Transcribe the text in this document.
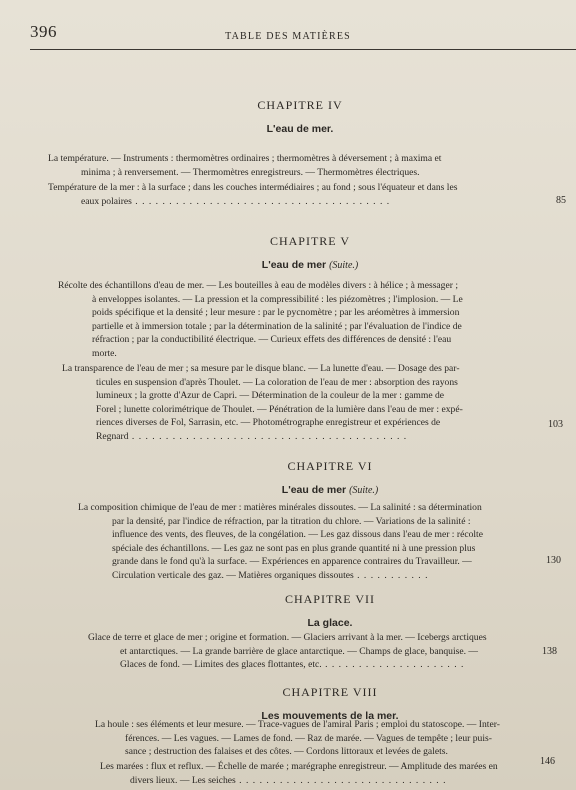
396	TABLE DES MATIÈRES
CHAPITRE IV
L'eau de mer.
La température. — Instruments : thermomètres ordinaires ; thermomètres à déversement ; à maxima et
minima ; à renversement. — Thermomètres enregistreurs. — Thermomètres électriques.
Température de la mer : à la surface ; dans les couches intermédiaires ; au fond ; sous l'équateur et dans les
eaux polaires . . . . . . . . . . . . . . . . . . . . . . . . . . . . . . . . . . . . . .	85
CHAPITRE V
L'eau de mer (Suite.)
Récolte des échantillons d'eau de mer. — Les bouteilles à eau de modèles divers : à hélice ; à messager ;
à enveloppes isolantes. — La pression et la compressibilité : les piézomètres ; l'implosion. — Le
poids spécifique et la densité ; leur mesure : par le pycnomètre ; par les aréomètres à immersion
partielle et à immersion totale ; par la détermination de la salinité ; par l'évaluation de l'indice de
réfraction ; par la conductibilité électrique. — Curieux effets des différences de densité : l'eau
morte.
La transparence de l'eau de mer ; sa mesure par le disque blanc. — La lunette d'eau. — Dosage des par-
ticules en suspension d'après Thoulet. — La coloration de l'eau de mer : absorption des rayons
lumineux ; la grotte d'Azur de Capri. — Détermination de la couleur de la mer : gamme de
Forel ; lunette colorimétrique de Thoulet. — Pénétration de la lumière dans l'eau de mer : expé-
riences diverses de Fol, Sarrasin, etc. — Photométrographe enregistreur et expériences de
Regnard . . . . . . . . . . . . . . . . . . . . . . . . . . . . . . . . . . . . . . . . .
103
CHAPITRE VI
L'eau de mer (Suite.)
La composition chimique de l'eau de mer : matières minérales dissoutes. — La salinité : sa détermination
par la densité, par l'indice de réfraction, par la titration du chlore. — Variations de la salinité :
influence des vents, des fleuves, de la congélation. — Les gaz dissous dans l'eau de mer : récolte
spéciale des échantillons. — Les gaz ne sont pas en plus grande quantité ni à une pression plus
grande dans le fond qu'à la surface. — Expériences en apparence contraires du Travailleur. —
Circulation verticale des gaz. — Matières organiques dissoutes . . . . . . . . . . .
130
CHAPITRE VII
La glace.
Glace de terre et glace de mer ; origine et formation. — Glaciers arrivant à la mer. — Icebergs arctiques
et antarctiques. — La grande barrière de glace antarctique. — Champs de glace, banquise. —
Glaces de fond. — Limites des glaces flottantes, etc. . . . . . . . . . . . . . . . . . . . . .
138
CHAPITRE VIII
Les mouvements de la mer.
La houle : ses éléments et leur mesure. — Trace-vagues de l'amiral Paris ; emploi du statoscope. — Inter-
férences. — Les vagues. — Lames de fond. — Raz de marée. — Vagues de tempête ; leur puis-
sance ; destruction des falaises et des côtes. — Cordons littoraux et levées de galets.
Les marées : flux et reflux. — Échelle de marée ; marégraphe enregistreur. — Amplitude des marées en
divers lieux. — Les seiches . . . . . . . . . . . . . . . . . . . . . . . . . . . . . . .
146
